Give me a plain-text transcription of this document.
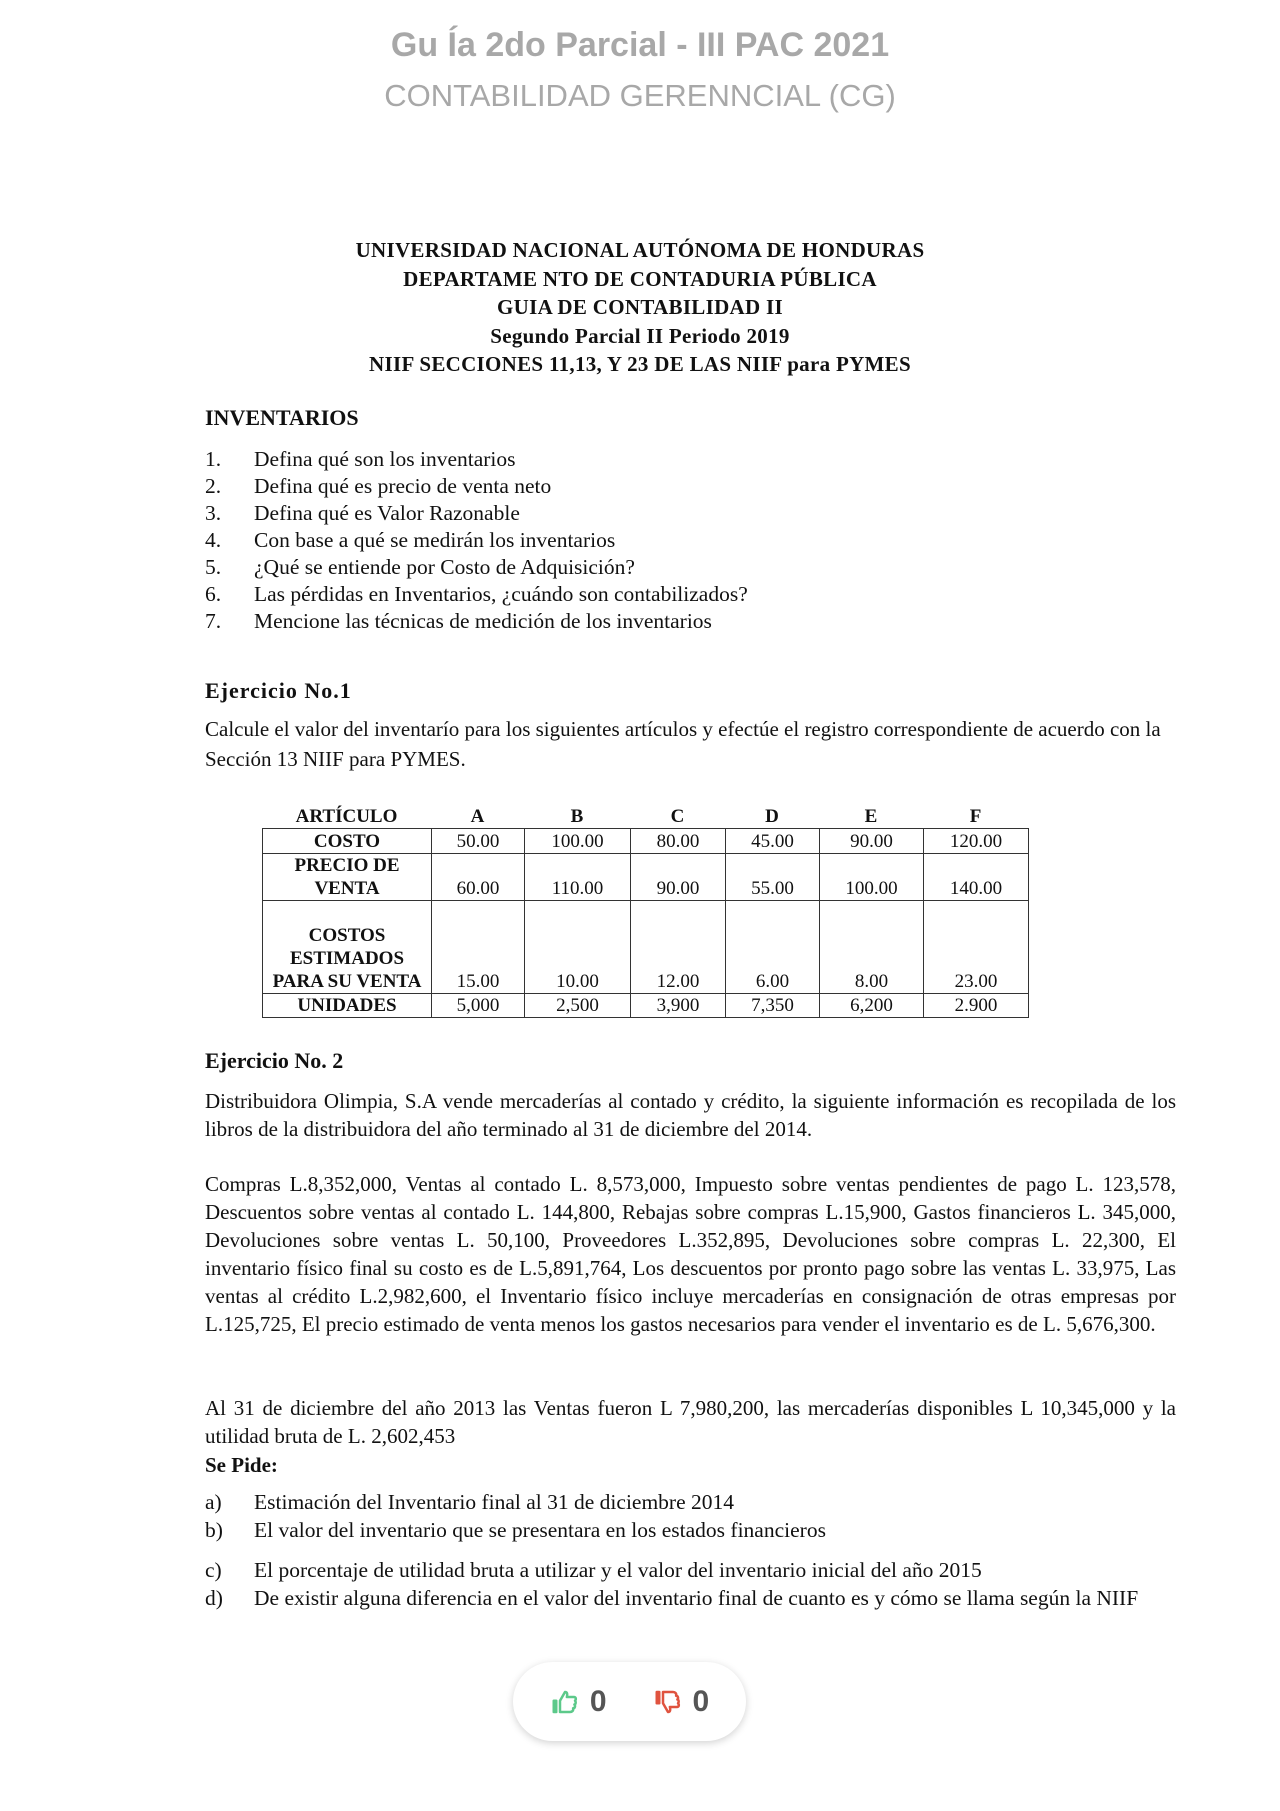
Gu Ía 2do Parcial - III PAC 2021
CONTABILIDAD GERENNCIAL (CG)
UNIVERSIDAD NACIONAL AUTÓNOMA DE HONDURAS
DEPARTAME NTO DE CONTADURIA PÚBLICA
GUIA DE CONTABILIDAD II
Segundo Parcial II Periodo 2019
NIIF SECCIONES 11,13, Y 23 DE LAS NIIF para PYMES
INVENTARIOS
1.	Defina qué son los inventarios
2.	Defina qué es precio de venta neto
3.	Defina qué es Valor Razonable
4.	Con base a qué se medirán los inventarios
5.	¿Qué se entiende por Costo de Adquisición?
6.	Las pérdidas en Inventarios, ¿cuándo son contabilizados?
7.	Mencione las técnicas de medición de los inventarios
Ejercicio No.1
Calcule el valor del inventarío para los siguientes artículos y efectúe el registro correspondiente de acuerdo con la Sección 13 NIIF para PYMES.
ARTÍCULO	A	B	C	D	E	F
COSTO	50.00	100.00	80.00	45.00	90.00	120.00
PRECIO DE VENTA	60.00	110.00	90.00	55.00	100.00	140.00
COSTOS ESTIMADOS PARA SU VENTA	15.00	10.00	12.00	6.00	8.00	23.00
UNIDADES	5,000	2,500	3,900	7,350	6,200	2.900
Ejercicio No. 2
Distribuidora Olimpia, S.A vende mercaderías al contado y crédito, la siguiente información es recopilada de los libros de la distribuidora del año terminado al 31 de diciembre del 2014.
Compras L.8,352,000, Ventas al contado L. 8,573,000, Impuesto sobre ventas pendientes de pago L. 123,578, Descuentos sobre ventas al contado L. 144,800, Rebajas sobre compras L.15,900, Gastos financieros L. 345,000, Devoluciones sobre ventas L. 50,100, Proveedores L.352,895, Devoluciones sobre compras L. 22,300, El inventario físico final su costo es de L.5,891,764, Los descuentos por pronto pago sobre las ventas L. 33,975, Las ventas al crédito L.2,982,600, el Inventario físico incluye mercaderías en consignación de otras empresas por L.125,725, El precio estimado de venta menos los gastos necesarios para vender el inventario es de L. 5,676,300.
Al 31 de diciembre del año 2013 las Ventas fueron L 7,980,200, las mercaderías disponibles L 10,345,000 y la utilidad bruta de L. 2,602,453
Se Pide:
a)	Estimación del Inventario final al 31 de diciembre 2014
b)	El valor del inventario que se presentara en los estados financieros
c)	El porcentaje de utilidad bruta a utilizar y el valor del inventario inicial del año 2015
d)	De existir alguna diferencia en el valor del inventario final de cuanto es y cómo se llama según la NIIF
0	0
